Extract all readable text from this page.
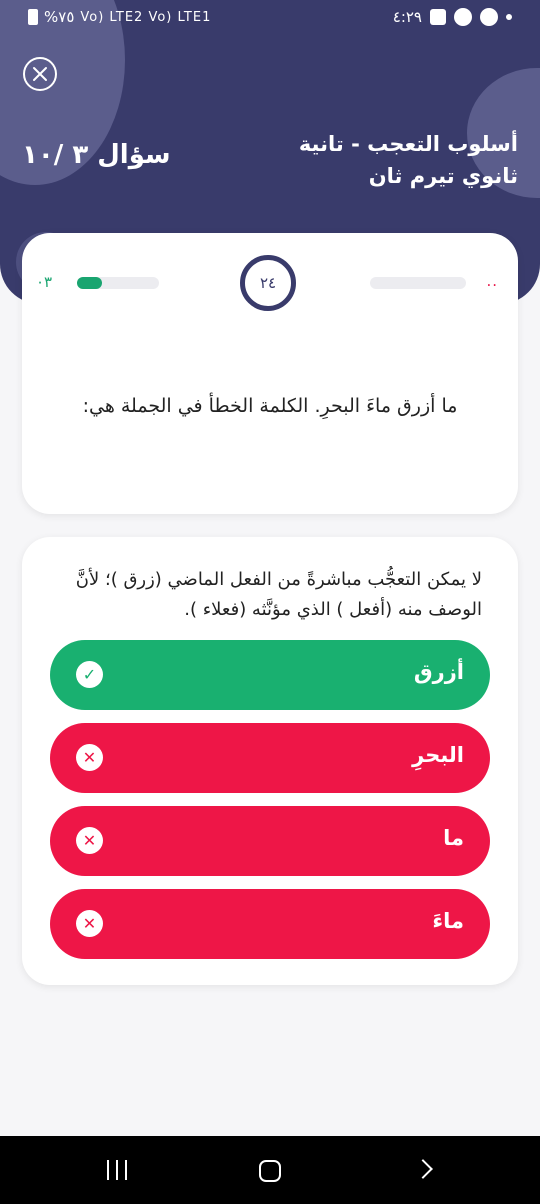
%٧٥ Vo) LTE2 Vo) LTE1	٤:٢٩
أسلوب التعجب - تانية ثانوي تيرم ثان
سؤال ٣ /١٠
٠٣	٢٤	..
ما أزرق ماءَ البحرِ. الكلمة الخطأ في الجملة هي:
لا يمكن التعجُّب مباشرةً من الفعل الماضي (زرق )؛ لأنَّ الوصف منه (أفعل ) الذي مؤنَّثه (فعلاء ).
أزرق
✓
البحرِ
✕
ما
✕
ماءَ
✕
